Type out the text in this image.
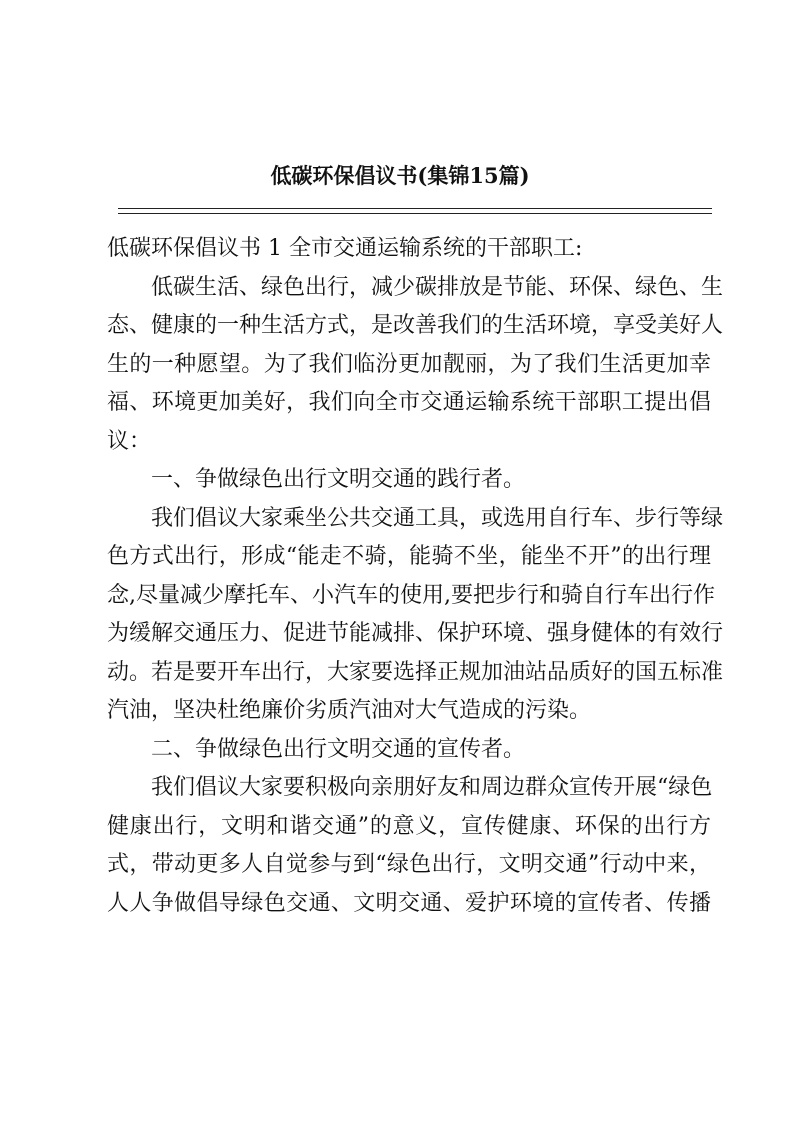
低碳环保倡议书(集锦15篇)
低碳环保倡议书 1 全市交通运输系统的干部职工:
　　低碳生活、绿色出行，减少碳排放是节能、环保、绿色、生
态、健康的一种生活方式，是改善我们的生活环境，享受美好人
生的一种愿望。为了我们临汾更加靓丽，为了我们生活更加幸
福、环境更加美好，我们向全市交通运输系统干部职工提出倡
议：
　　一、争做绿色出行文明交通的践行者。
　　我们倡议大家乘坐公共交通工具，或选用自行车、步行等绿
色方式出行，形成“能走不骑，能骑不坐，能坐不开”的出行理
念,尽量减少摩托车、小汽车的使用,要把步行和骑自行车出行作
为缓解交通压力、促进节能减排、保护环境、强身健体的有效行
动。若是要开车出行，大家要选择正规加油站品质好的国五标准
汽油，坚决杜绝廉价劣质汽油对大气造成的污染。
　　二、争做绿色出行文明交通的宣传者。
　　我们倡议大家要积极向亲朋好友和周边群众宣传开展“绿色
健康出行，文明和谐交通”的意义，宣传健康、环保的出行方
式，带动更多人自觉参与到“绿色出行，文明交通”行动中来，
人人争做倡导绿色交通、文明交通、爱护环境的宣传者、传播
